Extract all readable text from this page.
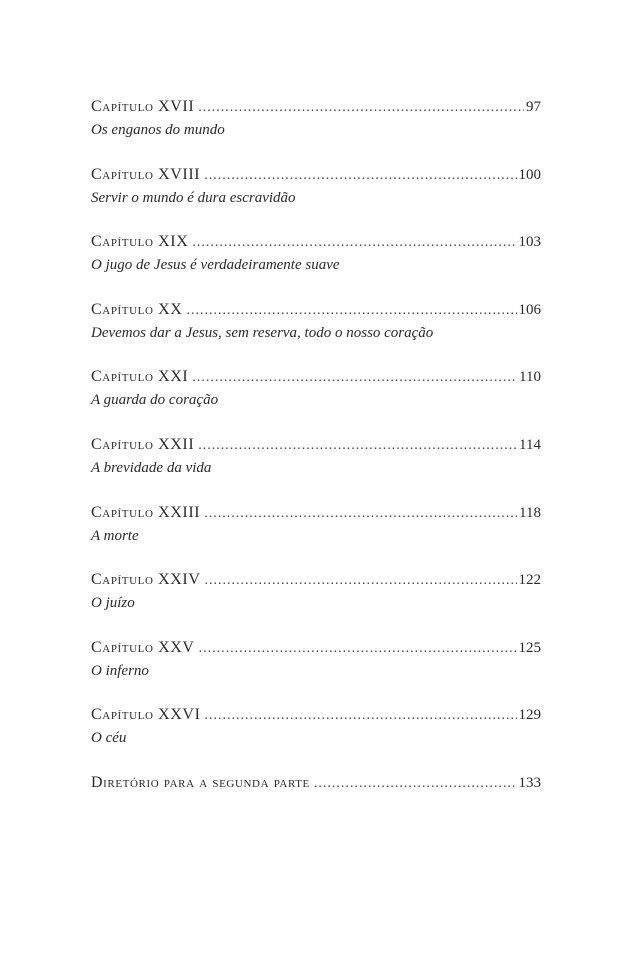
Capítulo XVII .....	97
Os enganos do mundo
Capítulo XVIII .....	100
Servir o mundo é dura escravidão
Capítulo XIX .....	103
O jugo de Jesus é verdadeiramente suave
Capítulo XX .....	106
Devemos dar a Jesus, sem reserva, todo o nosso coração
Capítulo XXI .....	110
A guarda do coração
Capítulo XXII .....	114
A brevidade da vida
Capítulo XXIII .....	118
A morte
Capítulo XXIV .....	122
O juízo
Capítulo XXV .....	125
O inferno
Capítulo XXVI .....	129
O céu
Diretório para a segunda parte .....	133
